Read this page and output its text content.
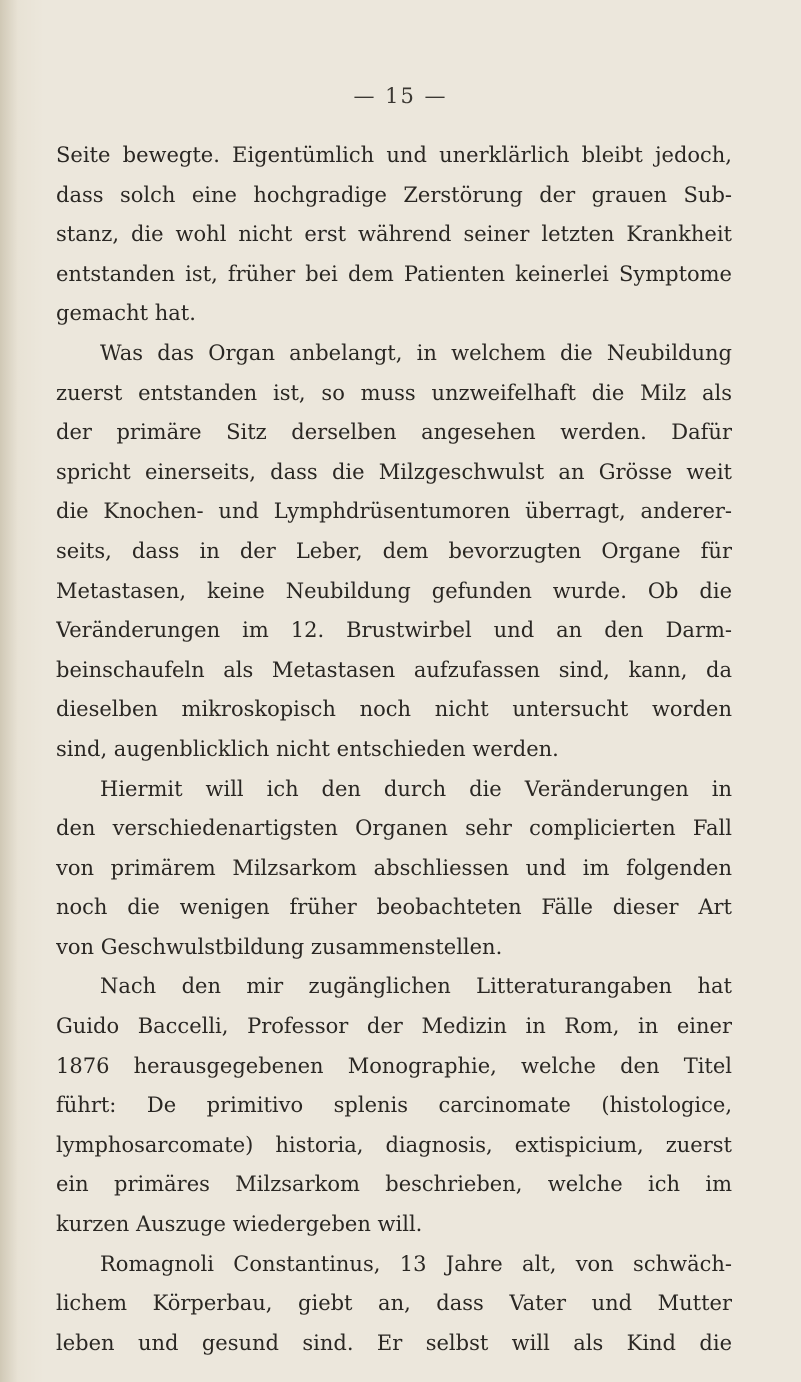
— 15 —
Seite bewegte. Eigentümlich und unerklärlich bleibt jedoch,
dass solch eine hochgradige Zerstörung der grauen Sub-
stanz, die wohl nicht erst während seiner letzten Krankheit
entstanden ist, früher bei dem Patienten keinerlei Symptome
gemacht hat.
Was das Organ anbelangt, in welchem die Neubildung
zuerst entstanden ist, so muss unzweifelhaft die Milz als
der primäre Sitz derselben angesehen werden. Dafür
spricht einerseits, dass die Milzgeschwulst an Grösse weit
die Knochen- und Lymphdrüsentumoren überragt, anderer-
seits, dass in der Leber, dem bevorzugten Organe für
Metastasen, keine Neubildung gefunden wurde. Ob die
Veränderungen im 12. Brustwirbel und an den Darm-
beinschaufeln als Metastasen aufzufassen sind, kann, da
dieselben mikroskopisch noch nicht untersucht worden
sind, augenblicklich nicht entschieden werden.
Hiermit will ich den durch die Veränderungen in
den verschiedenartigsten Organen sehr complicierten Fall
von primärem Milzsarkom abschliessen und im folgenden
noch die wenigen früher beobachteten Fälle dieser Art
von Geschwulstbildung zusammenstellen.
Nach den mir zugänglichen Litteraturangaben hat
Guido Baccelli, Professor der Medizin in Rom, in einer
1876 herausgegebenen Monographie, welche den Titel
führt: De primitivo splenis carcinomate (histologice,
lymphosarcomate) historia, diagnosis, extispicium, zuerst
ein primäres Milzsarkom beschrieben, welche ich im
kurzen Auszuge wiedergeben will.
Romagnoli Constantinus, 13 Jahre alt, von schwäch-
lichem Körperbau, giebt an, dass Vater und Mutter
leben und gesund sind. Er selbst will als Kind die
